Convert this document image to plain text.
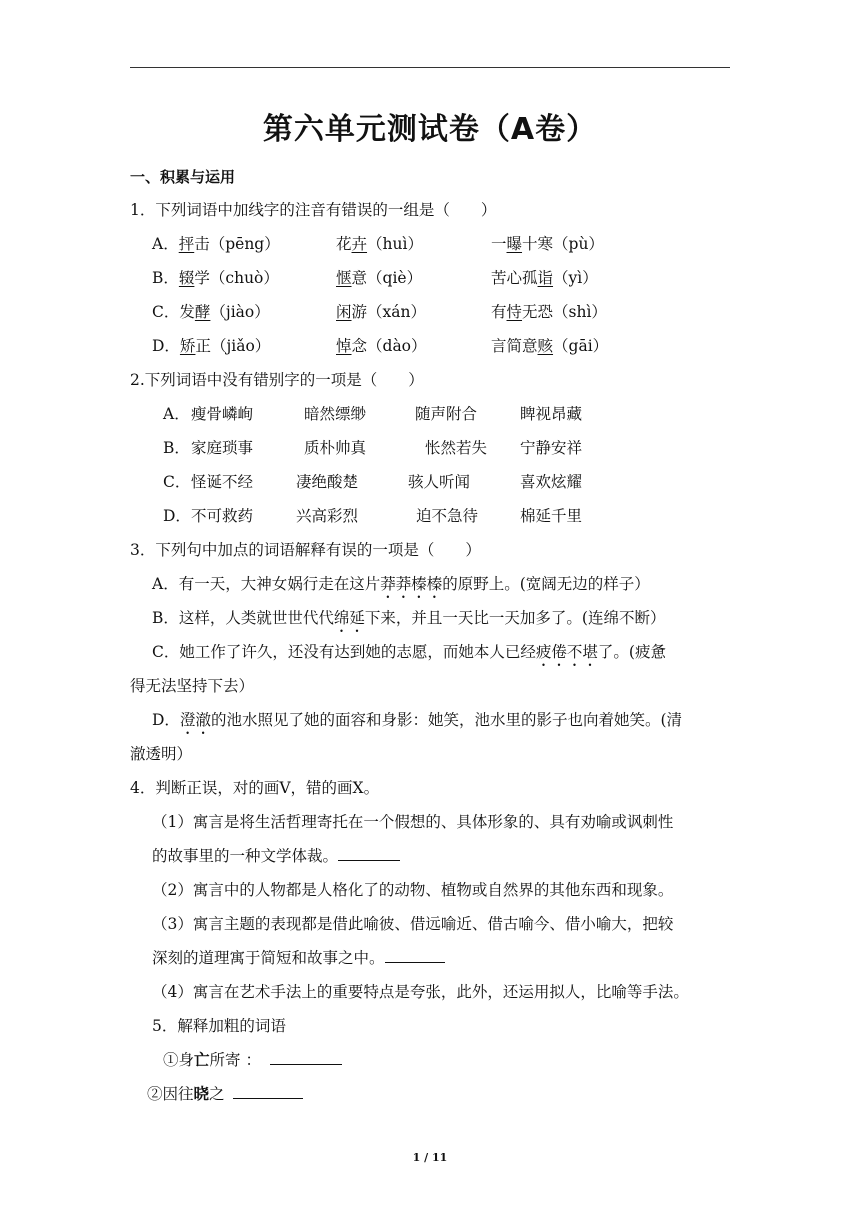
第六单元测试卷（A卷）
一、积累与运用
1．下列词语中加线字的注音有错误的一组是（　　）
A．抨击（pēng）	花卉（huì）	一曝十寒（pù）
B．辍学（chuò）	惬意（qiè）	苦心孤诣（yì）
C．发酵（jiào）	闲游（xán）	有恃无恐（shì）
D．矫正（jiǎo）	悼念（dào）	言简意赅（gāi）
2.下列词语中没有错别字的一项是（　　）
A． 瘦骨嶙峋	暗然缥缈	随声附合	睥视昂藏
B． 家庭琐事	质朴帅真	怅然若失 宁静安祥
C． 怪诞不经	凄绝酸楚	骇人听闻	喜欢炫耀
D． 不可救药	兴高彩烈	迫不急待	棉延千里
3．下列句中加点的词语解释有误的一项是（　　）
A．有一天，大神女娲行走在这片莽莽榛榛的原野上。(宽阔无边的样子）
B．这样，人类就世世代代绵延下来，并且一天比一天加多了。(连绵不断）
C．她工作了许久，还没有达到她的志愿，而她本人已经疲倦不堪了。(疲惫
得无法坚持下去）
D．澄澈的池水照见了她的面容和身影：她笑，池水里的影子也向着她笑。(清
澈透明）
4．判断正误，对的画V，错的画X。
（1）寓言是将生活哲理寄托在一个假想的、具体形象的、具有劝喻或讽刺性
的故事里的一种文学体裁。
（2）寓言中的人物都是人格化了的动物、植物或自然界的其他东西和现象。
（3）寓言主题的表现都是借此喻彼、借远喻近、借古喻今、借小喻大，把较
深刻的道理寓于简短和故事之中。
（4）寓言在艺术手法上的重要特点是夸张，此外，还运用拟人，比喻等手法。
5．解释加粗的词语
①身亡所寄 ：
②因往晓之
1 / 11
